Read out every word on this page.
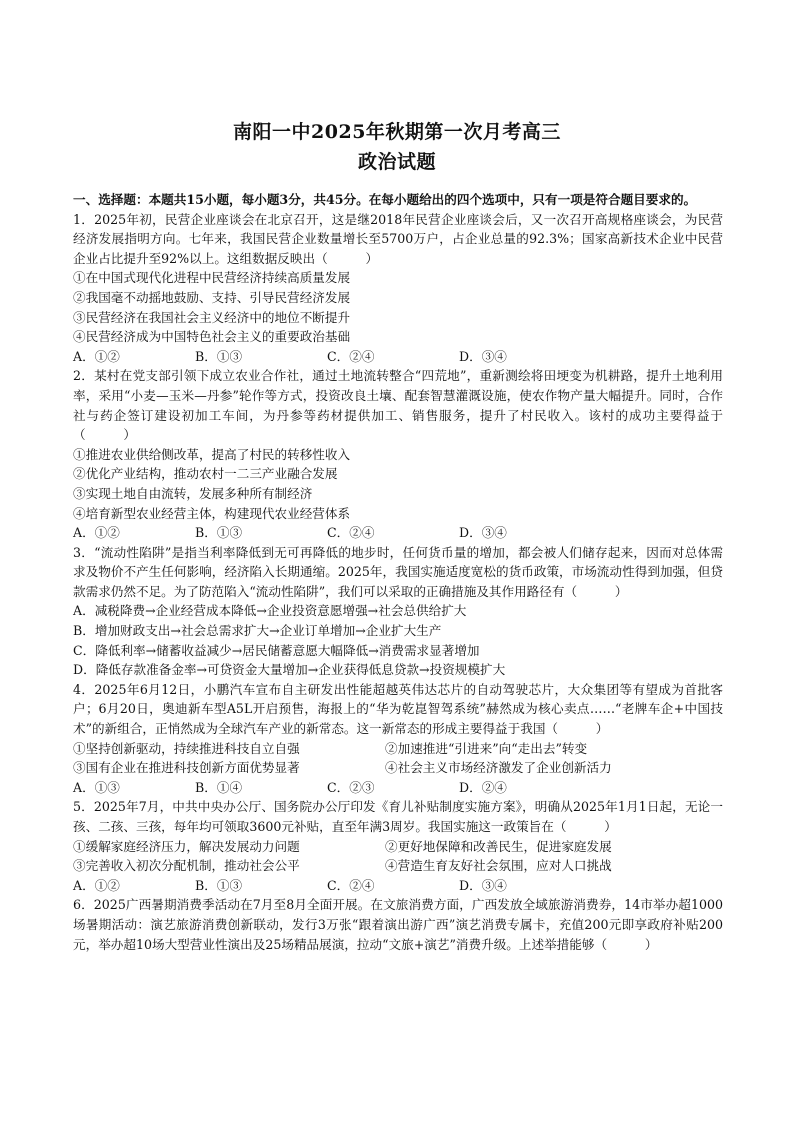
南阳一中2025年秋期第一次月考高三
政治试题

一、选择题：本题共15小题，每小题3分，共45分。在每小题给出的四个选项中，只有一项是符合题目要求的。

1．2025年初，民营企业座谈会在北京召开，这是继2018年民营企业座谈会后，又一次召开高规格座谈会，为民营经济发展指明方向。七年来，我国民营企业数量增长至5700万户，占企业总量的92.3%；国家高新技术企业中民营企业占比提升至92%以上。这组数据反映出（　　　）

①在中国式现代化进程中民营经济持续高质量发展

②我国毫不动摇地鼓励、支持、引导民营经济发展

③民营经济在我国社会主义经济中的地位不断提升

④民营经济成为中国特色社会主义的重要政治基础

A．①②	B．①③	C．②④	D．③④

2．某村在党支部引领下成立农业合作社，通过土地流转整合“四荒地”，重新测绘将田埂变为机耕路，提升土地利用率，采用“小麦—玉米—丹参”轮作等方式，投资改良土壤、配套智慧灌溉设施，使农作物产量大幅提升。同时，合作社与药企签订建设初加工车间，为丹参等药材提供加工、销售服务，提升了村民收入。该村的成功主要得益于（　　　）

①推进农业供给侧改革，提高了村民的转移性收入

②优化产业结构，推动农村一二三产业融合发展

③实现土地自由流转，发展多种所有制经济

④培育新型农业经营主体，构建现代农业经营体系

A．①②	B．①③	C．②④	D．③④

3．“流动性陷阱”是指当利率降低到无可再降低的地步时，任何货币量的增加，都会被人们储存起来，因而对总体需求及物价不产生任何影响，经济陷入长期通缩。2025年，我国实施适度宽松的货币政策，市场流动性得到加强，但贷款需求仍然不足。为了防范陷入“流动性陷阱”，我们可以采取的正确措施及其作用路径有（　　　）

A．减税降费→企业经营成本降低→企业投资意愿增强→社会总供给扩大

B．增加财政支出→社会总需求扩大→企业订单增加→企业扩大生产

C．降低利率→储蓄收益减少→居民储蓄意愿大幅降低→消费需求显著增加

D．降低存款准备金率→可贷资金大量增加→企业获得低息贷款→投资规模扩大

4．2025年6月12日，小鹏汽车宣布自主研发出性能超越英伟达芯片的自动驾驶芯片，大众集团等有望成为首批客户；6月20日，奥迪新车型A5L开启预售，海报上的“华为乾崑智驾系统”赫然成为核心卖点……“老牌车企+中国技术”的新组合，正悄然成为全球汽车产业的新常态。这一新常态的形成主要得益于我国（　　　）

①坚持创新驱动，持续推进科技自立自强	②加速推进“引进来”向“走出去”转变

③国有企业在推进科技创新方面优势显著	④社会主义市场经济激发了企业创新活力

A．①③	B．①④	C．②③	D．②④

5．2025年7月，中共中央办公厅、国务院办公厅印发《育儿补贴制度实施方案》，明确从2025年1月1日起，无论一孩、二孩、三孩，每年均可领取3600元补贴，直至年满3周岁。我国实施这一政策旨在（　　　）

①缓解家庭经济压力，解决发展动力问题	②更好地保障和改善民生，促进家庭发展

③完善收入初次分配机制，推动社会公平	④营造生育友好社会氛围，应对人口挑战

A．①②	B．①③	C．②④	D．③④

6．2025广西暑期消费季活动在7月至8月全面开展。在文旅消费方面，广西发放全域旅游消费券，14市举办超1000场暑期活动：演艺旅游消费创新联动，发行3万张“跟着演出游广西”演艺消费专属卡，充值200元即享政府补贴200元，举办超10场大型营业性演出及25场精品展演，拉动“文旅+演艺”消费升级。上述举措能够（　　　）
